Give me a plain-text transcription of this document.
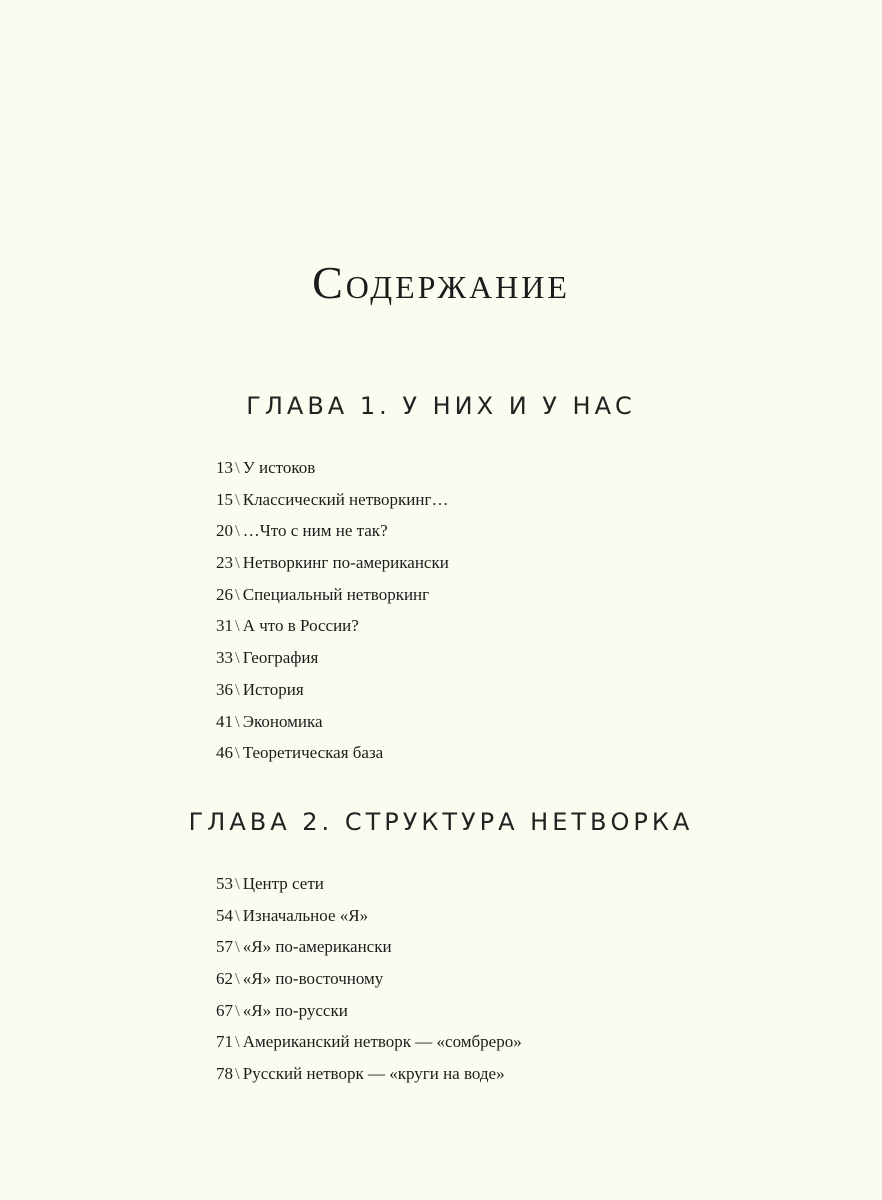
Содержание
ГЛАВА 1. У НИХ И У НАС
13 \ У истоков
15 \ Классический нетворкинг…
20 \ …Что с ним не так?
23 \ Нетворкинг по-американски
26 \ Специальный нетворкинг
31 \ А что в России?
33 \ География
36 \ История
41 \ Экономика
46 \ Теоретическая база
ГЛАВА 2. СТРУКТУРА НЕТВОРКА
53 \ Центр сети
54 \ Изначальное «Я»
57 \ «Я» по-американски
62 \ «Я» по-восточному
67 \ «Я» по-русски
71 \ Американский нетворк — «сомбреро»
78 \ Русский нетворк — «круги на воде»
